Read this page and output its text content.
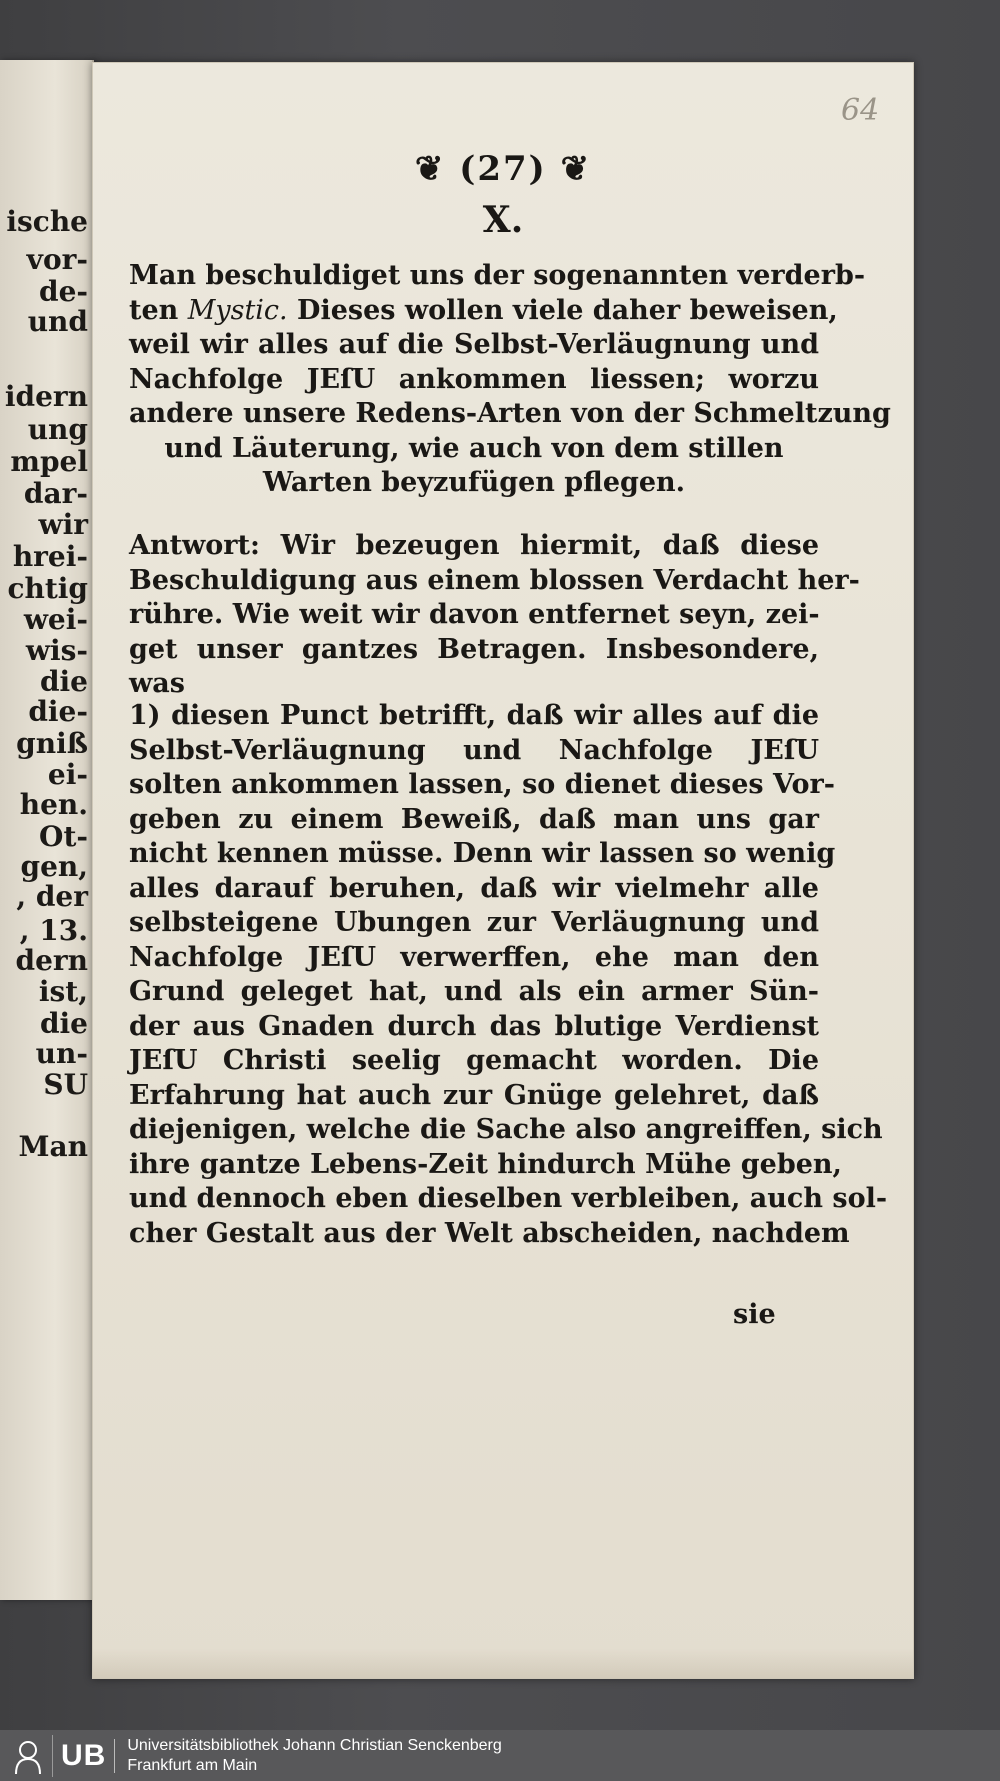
ische
vor-
de-
und
idern
ung
mpel
dar-
wir
hrei-
chtig
wei-
wis-
die
die-
gniß
ei-
hen.
Ot-
gen,
, der
, 13.
dern
ist,
die
un-
SU
Man
64
❦ (27) ❦
X.
Man beschuldiget uns der sogenannten verderb-
ten Mystic. Dieses wollen viele daher beweisen,
weil wir alles auf die Selbst-Verläugnung und
Nachfolge JEſU ankommen liessen; worzu
andere unsere Redens-Arten von der Schmeltzung
und Läuterung, wie auch von dem stillen
Warten beyzufügen pflegen.
Antwort: Wir bezeugen hiermit, daß diese
Beschuldigung aus einem blossen Verdacht her-
rühre. Wie weit wir davon entfernet seyn, zei-
get unser gantzes Betragen. Insbesondere,
was
1) diesen Punct betrifft, daß wir alles auf die
Selbst-Verläugnung und Nachfolge JEſU
solten ankommen lassen, so dienet dieses Vor-
geben zu einem Beweiß, daß man uns gar
nicht kennen müsse. Denn wir lassen so wenig
alles darauf beruhen, daß wir vielmehr alle
selbsteigene Ubungen zur Verläugnung und
Nachfolge JEſU verwerffen, ehe man den
Grund geleget hat, und als ein armer Sün-
der aus Gnaden durch das blutige Verdienst
JEſU Christi seelig gemacht worden. Die
Erfahrung hat auch zur Gnüge gelehret, daß
diejenigen, welche die Sache also angreiffen, sich
ihre gantze Lebens-Zeit hindurch Mühe geben,
und dennoch eben dieselben verbleiben, auch sol-
cher Gestalt aus der Welt abscheiden, nachdem
sie
UB	Universitätsbibliothek Johann Christian Senckenberg
Frankfurt am Main
